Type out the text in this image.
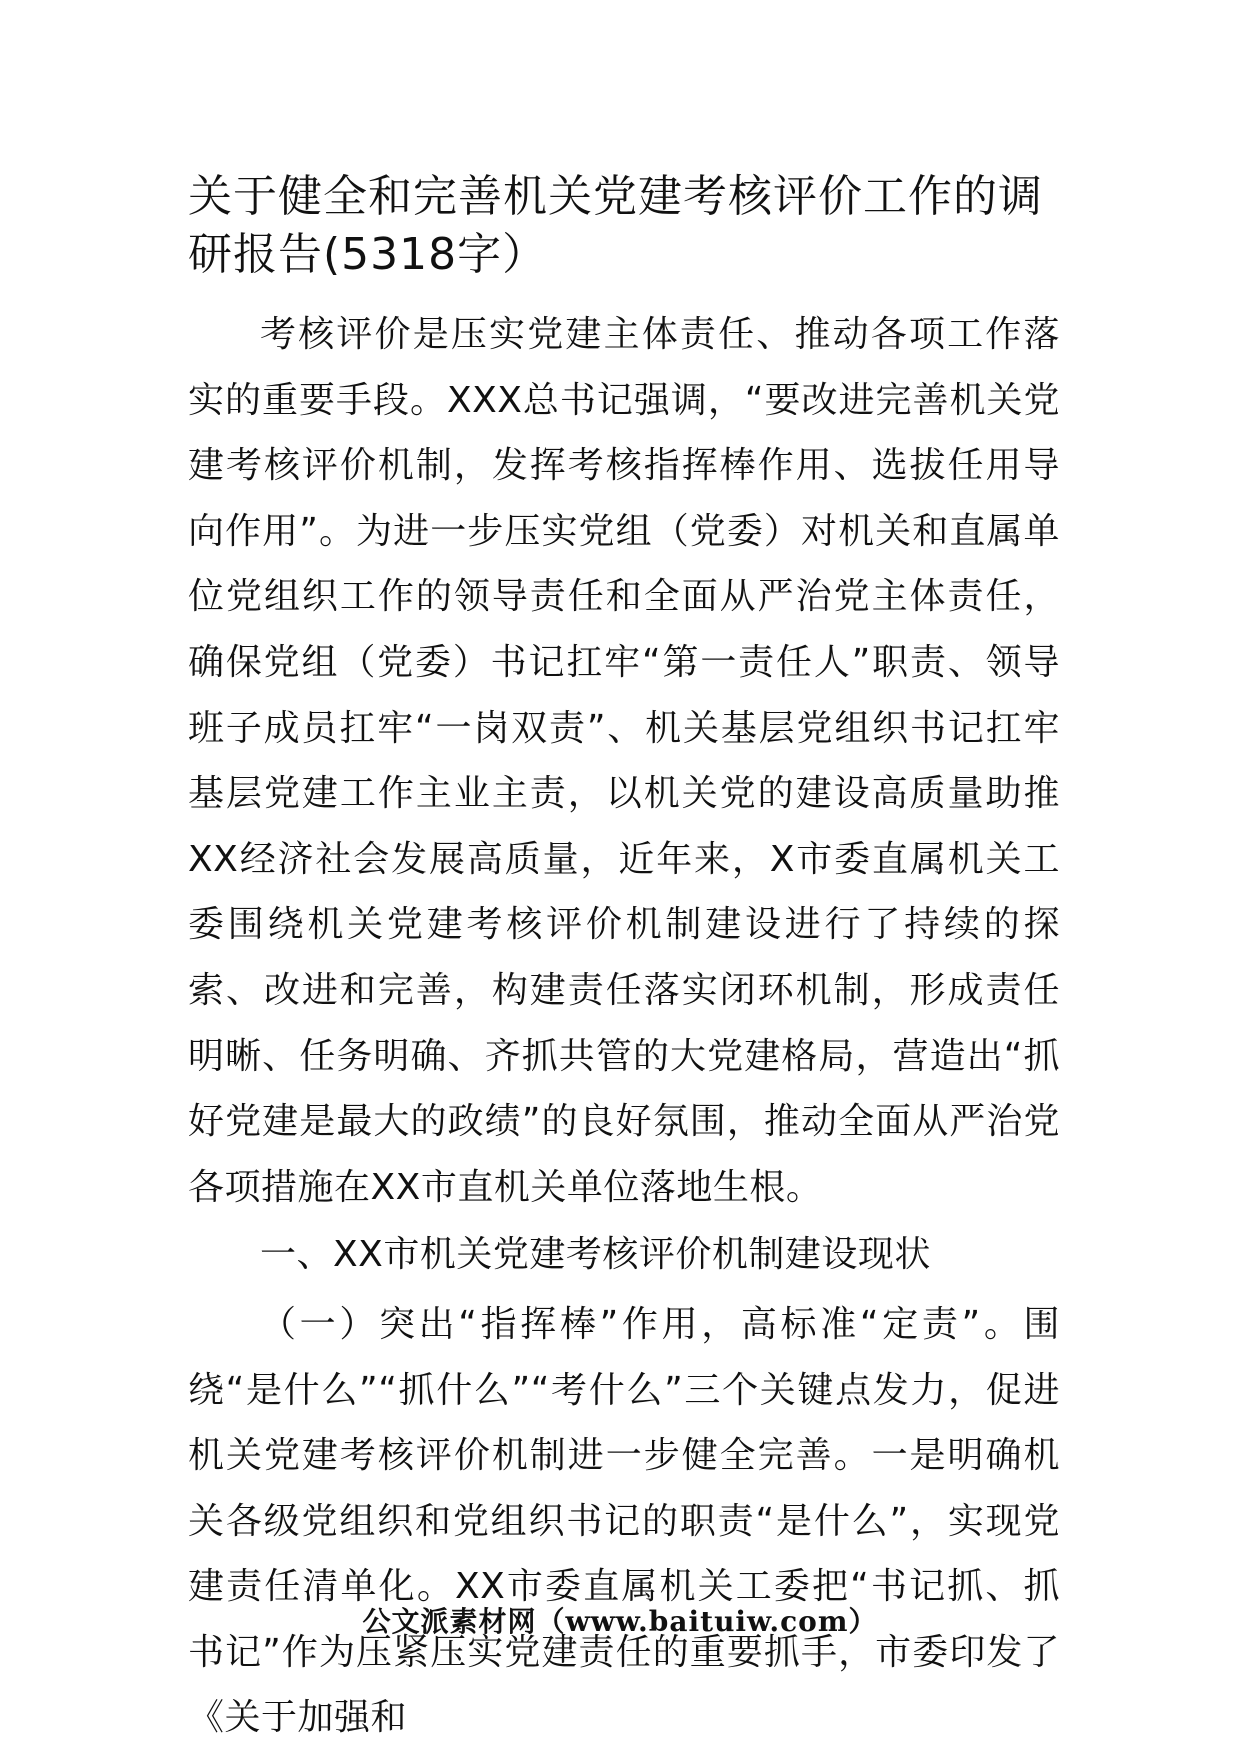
关于健全和完善机关党建考核评价工作的调研报告(5318字）

考核评价是压实党建主体责任、推动各项工作落实的重要手段。XXX总书记强调，“要改进完善机关党建考核评价机制，发挥考核指挥棒作用、选拔任用导向作用”。为进一步压实党组（党委）对机关和直属单位党组织工作的领导责任和全面从严治党主体责任，确保党组（党委）书记扛牢“第一责任人”职责、领导班子成员扛牢“一岗双责”、机关基层党组织书记扛牢基层党建工作主业主责，以机关党的建设高质量助推XX经济社会发展高质量，近年来，X市委直属机关工委围绕机关党建考核评价机制建设进行了持续的探索、改进和完善，构建责任落实闭环机制，形成责任明晰、任务明确、齐抓共管的大党建格局，营造出“抓好党建是最大的政绩”的良好氛围，推动全面从严治党各项措施在XX市直机关单位落地生根。

一、XX市机关党建考核评价机制建设现状

（一）突出“指挥棒”作用，高标准“定责”。围绕“是什么”“抓什么”“考什么”三个关键点发力，促进机关党建考核评价机制进一步健全完善。一是明确机关各级党组织和党组织书记的职责“是什么”，实现党建责任清单化。XX市委直属机关工委把“书记抓、抓书记”作为压紧压实党建责任的重要抓手，市委印发了《关于加强和

公文派素材网（www.baituiw.com）
